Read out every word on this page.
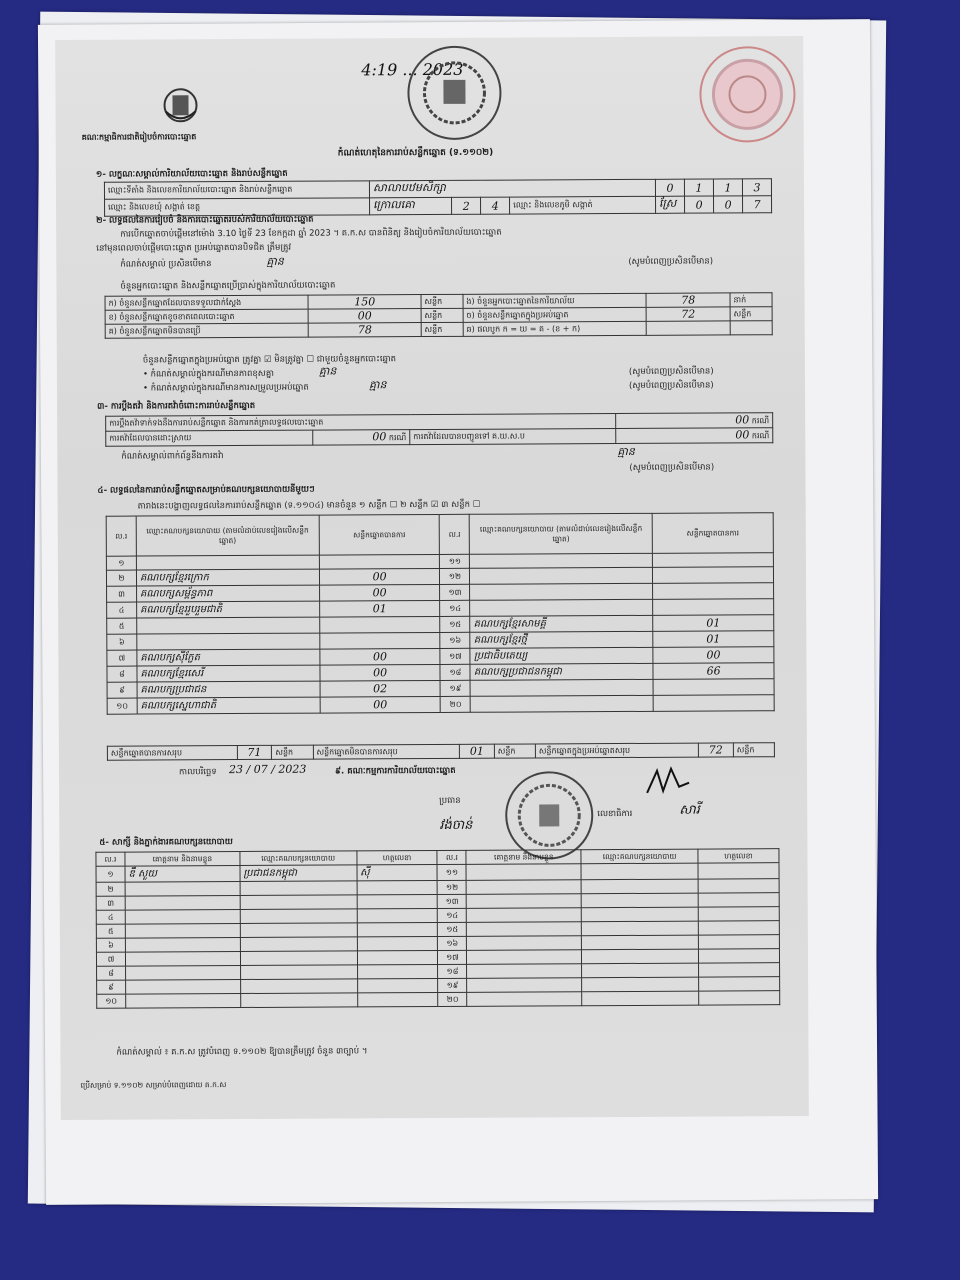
4:19 ... 2023
គណៈកម្មាធិការជាតិរៀបចំការបោះឆ្នោត
កំណត់ហេតុនៃការរាប់សន្លឹកឆ្នោត (ទ.១១០២)
១- លក្ខណៈសម្គាល់ការិយាល័យបោះឆ្នោត និងរាប់សន្លឹកឆ្នោត
ឈ្មោះទីតាំង និងលេខការិយាល័យបោះឆ្នោត និងរាប់សន្លឹកឆ្នោត	សាលាបឋមសិក្សា				0	1	1	3
ឈ្មោះ និងលេខឃុំ សង្កាត់ ខេត្ត	ក្រោលគោ	2	4	ឈ្មោះ និងលេខភូមិ សង្កាត់	ស្រែ	0	0	7
២- លទ្ធផលនៃការរៀបចំ និងការបោះឆ្នោតរបស់ការិយាល័យបោះឆ្នោត
ការបើកឆ្នោតចាប់ផ្តើមនៅម៉ោង 3.10 ថ្ងៃទី 23 ខែកក្កដា ឆ្នាំ 2023 ។ គ.ក.ស បានពិនិត្យ និងរៀបចំការិយាល័យបោះឆ្នោត
នៅមុនពេលចាប់ផ្តើមបោះឆ្នោត ប្រអប់ឆ្នោតបានបិទជិត ត្រឹមត្រូវ
កំណត់សម្គាល់ ប្រសិនបើមាន	គ្មាន	(សូមបំពេញប្រសិនបើមាន)
ចំនួនអ្នកបោះឆ្នោត និងសន្លឹកឆ្នោតប្រើប្រាស់ក្នុងការិយាល័យបោះឆ្នោត
ក) ចំនួនសន្លឹកឆ្នោតដែលបានទទួលជាក់ស្តែង	150	សន្លឹក	ង) ចំនួនអ្នកបោះឆ្នោតនៃការិយាល័យ	78	នាក់
ខ) ចំនួនសន្លឹកឆ្នោតខូចខាតពេលបោះឆ្នោត	00	សន្លឹក	ច) ចំនួនសន្លឹកឆ្នោតក្នុងប្រអប់ឆ្នោត	72	សន្លឹក
គ) ចំនួនសន្លឹកឆ្នោតមិនបានប្រើ	78	សន្លឹក	ឆ) ផលបូក ក = ឃ = គ - (ខ + ក)		
ចំនួនសន្លឹកឆ្នោតក្នុងប្រអប់ឆ្នោត ត្រូវគ្នា ☑ មិនត្រូវគ្នា ☐ ជាមួយចំនួនអ្នកបោះឆ្នោត
• កំណត់សម្គាល់ក្នុងករណីមានភាពខុសគ្នា	គ្មាន
• កំណត់សម្គាល់ក្នុងករណីមានការសម្រួលប្រអប់ឆ្នោត	គ្មាន
(សូមបំពេញប្រសិនបើមាន)
(សូមបំពេញប្រសិនបើមាន)
៣- ការប្តឹងតវ៉ា និងការតវ៉ាចំពោះការរាប់សន្លឹកឆ្នោត
ការប្តឹងតវ៉ាទាក់ទងនឹងការរាប់សន្លឹកឆ្នោត និងការកត់ត្រាលទ្ធផលបោះឆ្នោត			00 ករណី
ការតវ៉ាដែលបានដោះស្រាយ	00 ករណី	ការតវ៉ាដែលបានបញ្ជូនទៅ គ.ឃ.ស.ប	00 ករណី
កំណត់សម្គាល់ពាក់ព័ន្ធនឹងការតវ៉ា	គ្មាន
(សូមបំពេញប្រសិនបើមាន)
៤- លទ្ធផលនៃការរាប់សន្លឹកឆ្នោតសម្រាប់គណបក្សនយោបាយនីមួយៗ
តារាងនេះបង្ហាញលទ្ធផលនៃការរាប់សន្លឹកឆ្នោត (ទ.១១០៤) មានចំនួន ១ សន្លឹក ☐ ២ សន្លឹក ☑ ៣ សន្លឹក ☐
ល.រ	ឈ្មោះគណបក្សនយោបាយ (តាមលំដាប់លេខរៀងលើសន្លឹកឆ្នោត)	សន្លឹកឆ្នោតបានការ	ល.រ	ឈ្មោះគណបក្សនយោបាយ (តាមលំដាប់លេខរៀងលើសន្លឹកឆ្នោត)	សន្លឹកឆ្នោតបានការ
១			១១		
២	គណបក្សខ្មែរក្រោក	00	១២		
៣	គណបក្សសម្ព័ន្ធភាព	00	១៣		
៤	គណបក្សខ្មែររួបរួមជាតិ	01	១៤		
៥			១៥	គណបក្សខ្មែរសាមគ្គី	01
៦			១៦	គណបក្សខ្មែរថ្មី	01
៧	គណបក្សស៊ីក្លែត	00	១៧	ប្រជាធិបតេយ្យ	00
៨	គណបក្សខ្មែរសេរី	00	១៨	គណបក្សប្រជាជនកម្ពុជា	66
៩	គណបក្សប្រជាជន	02	១៩		
១០	គណបក្សស្នេហាជាតិ	00	២០		
សន្លឹកឆ្នោតបានការសរុប	71	សន្លឹក	សន្លឹកឆ្នោតមិនបានការសរុប	01	សន្លឹក	សន្លឹកឆ្នោតក្នុងប្រអប់ឆ្នោតសរុប	72	សន្លឹក
កាលបរិច្ឆេទ 23 / 07 / 2023	៩. គណៈកម្មការការិយាល័យបោះឆ្នោត
ប្រធាន
វង់ចាន់
លេខាធិការ	សារី
៥- សាក្សី និងភ្នាក់ងារគណបក្សនយោបាយ
ល.រ	គោត្តនាម និងនាមខ្លួន	ឈ្មោះគណបក្សនយោបាយ	ហត្ថលេខា	ល.រ	គោត្តនាម និងនាមខ្លួន	ឈ្មោះគណបក្សនយោបាយ	ហត្ថលេខា
១	ឌឹ សួយ	ប្រជាជនកម្ពុជា	ស៊ី	១១			
២				១២			
៣				១៣			
៤				១៤			
៥				១៥			
៦				១៦			
៧				១៧			
៨				១៨			
៩				១៩			
១០				២០			
កំណត់សម្គាល់ ៖ គ.ក.ស ត្រូវបំពេញ ទ.១១០២ ឱ្យបានត្រឹមត្រូវ ចំនួន ៣ច្បាប់ ។
ប្រើសម្រាប់ ទ.១១០២ សម្រាប់បំពេញដោយ គ.ក.ស
